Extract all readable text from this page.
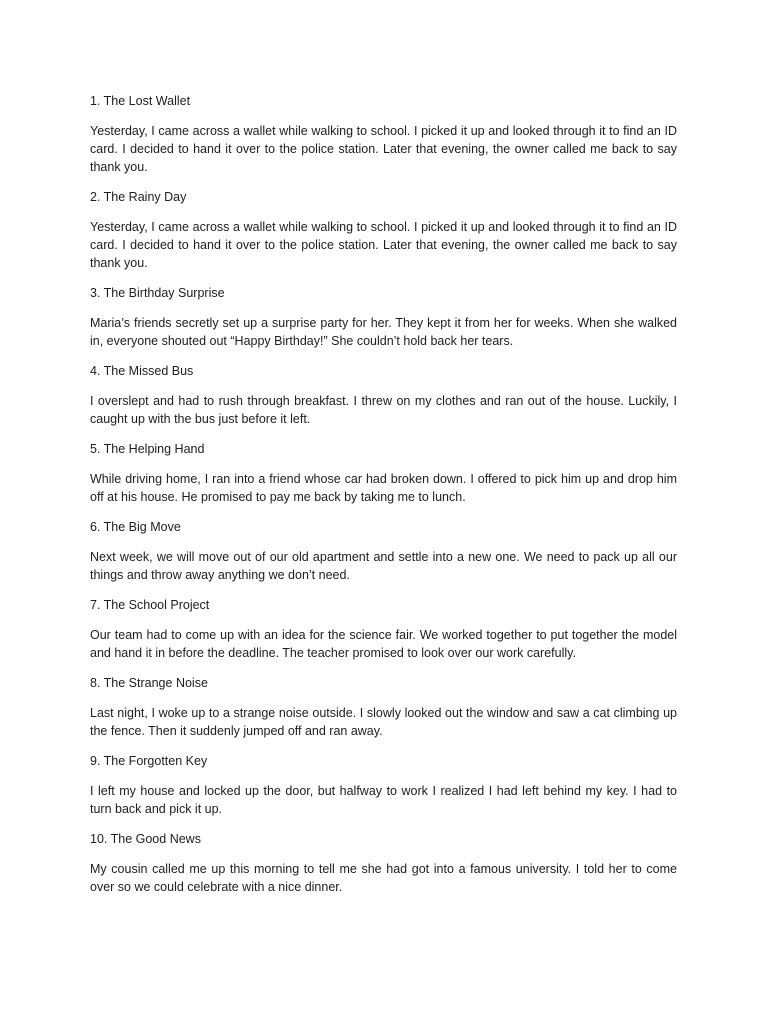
1. The Lost Wallet

Yesterday, I came across a wallet while walking to school. I picked it up and looked through it to find an ID card. I decided to hand it over to the police station. Later that evening, the owner called me back to say thank you.

2. The Rainy Day

Yesterday, I came across a wallet while walking to school. I picked it up and looked through it to find an ID card. I decided to hand it over to the police station. Later that evening, the owner called me back to say thank you.

3. The Birthday Surprise

Maria’s friends secretly set up a surprise party for her. They kept it from her for weeks. When she walked in, everyone shouted out “Happy Birthday!” She couldn’t hold back her tears.

4. The Missed Bus

I overslept and had to rush through breakfast. I threw on my clothes and ran out of the house. Luckily, I caught up with the bus just before it left.

5. The Helping Hand

While driving home, I ran into a friend whose car had broken down. I offered to pick him up and drop him off at his house. He promised to pay me back by taking me to lunch.

6. The Big Move

Next week, we will move out of our old apartment and settle into a new one. We need to pack up all our things and throw away anything we don’t need.

7. The School Project

Our team had to come up with an idea for the science fair. We worked together to put together the model and hand it in before the deadline. The teacher promised to look over our work carefully.

8. The Strange Noise

Last night, I woke up to a strange noise outside. I slowly looked out the window and saw a cat climbing up the fence. Then it suddenly jumped off and ran away.

9. The Forgotten Key

I left my house and locked up the door, but halfway to work I realized I had left behind my key. I had to turn back and pick it up.

10. The Good News

My cousin called me up this morning to tell me she had got into a famous university. I told her to come over so we could celebrate with a nice dinner.
